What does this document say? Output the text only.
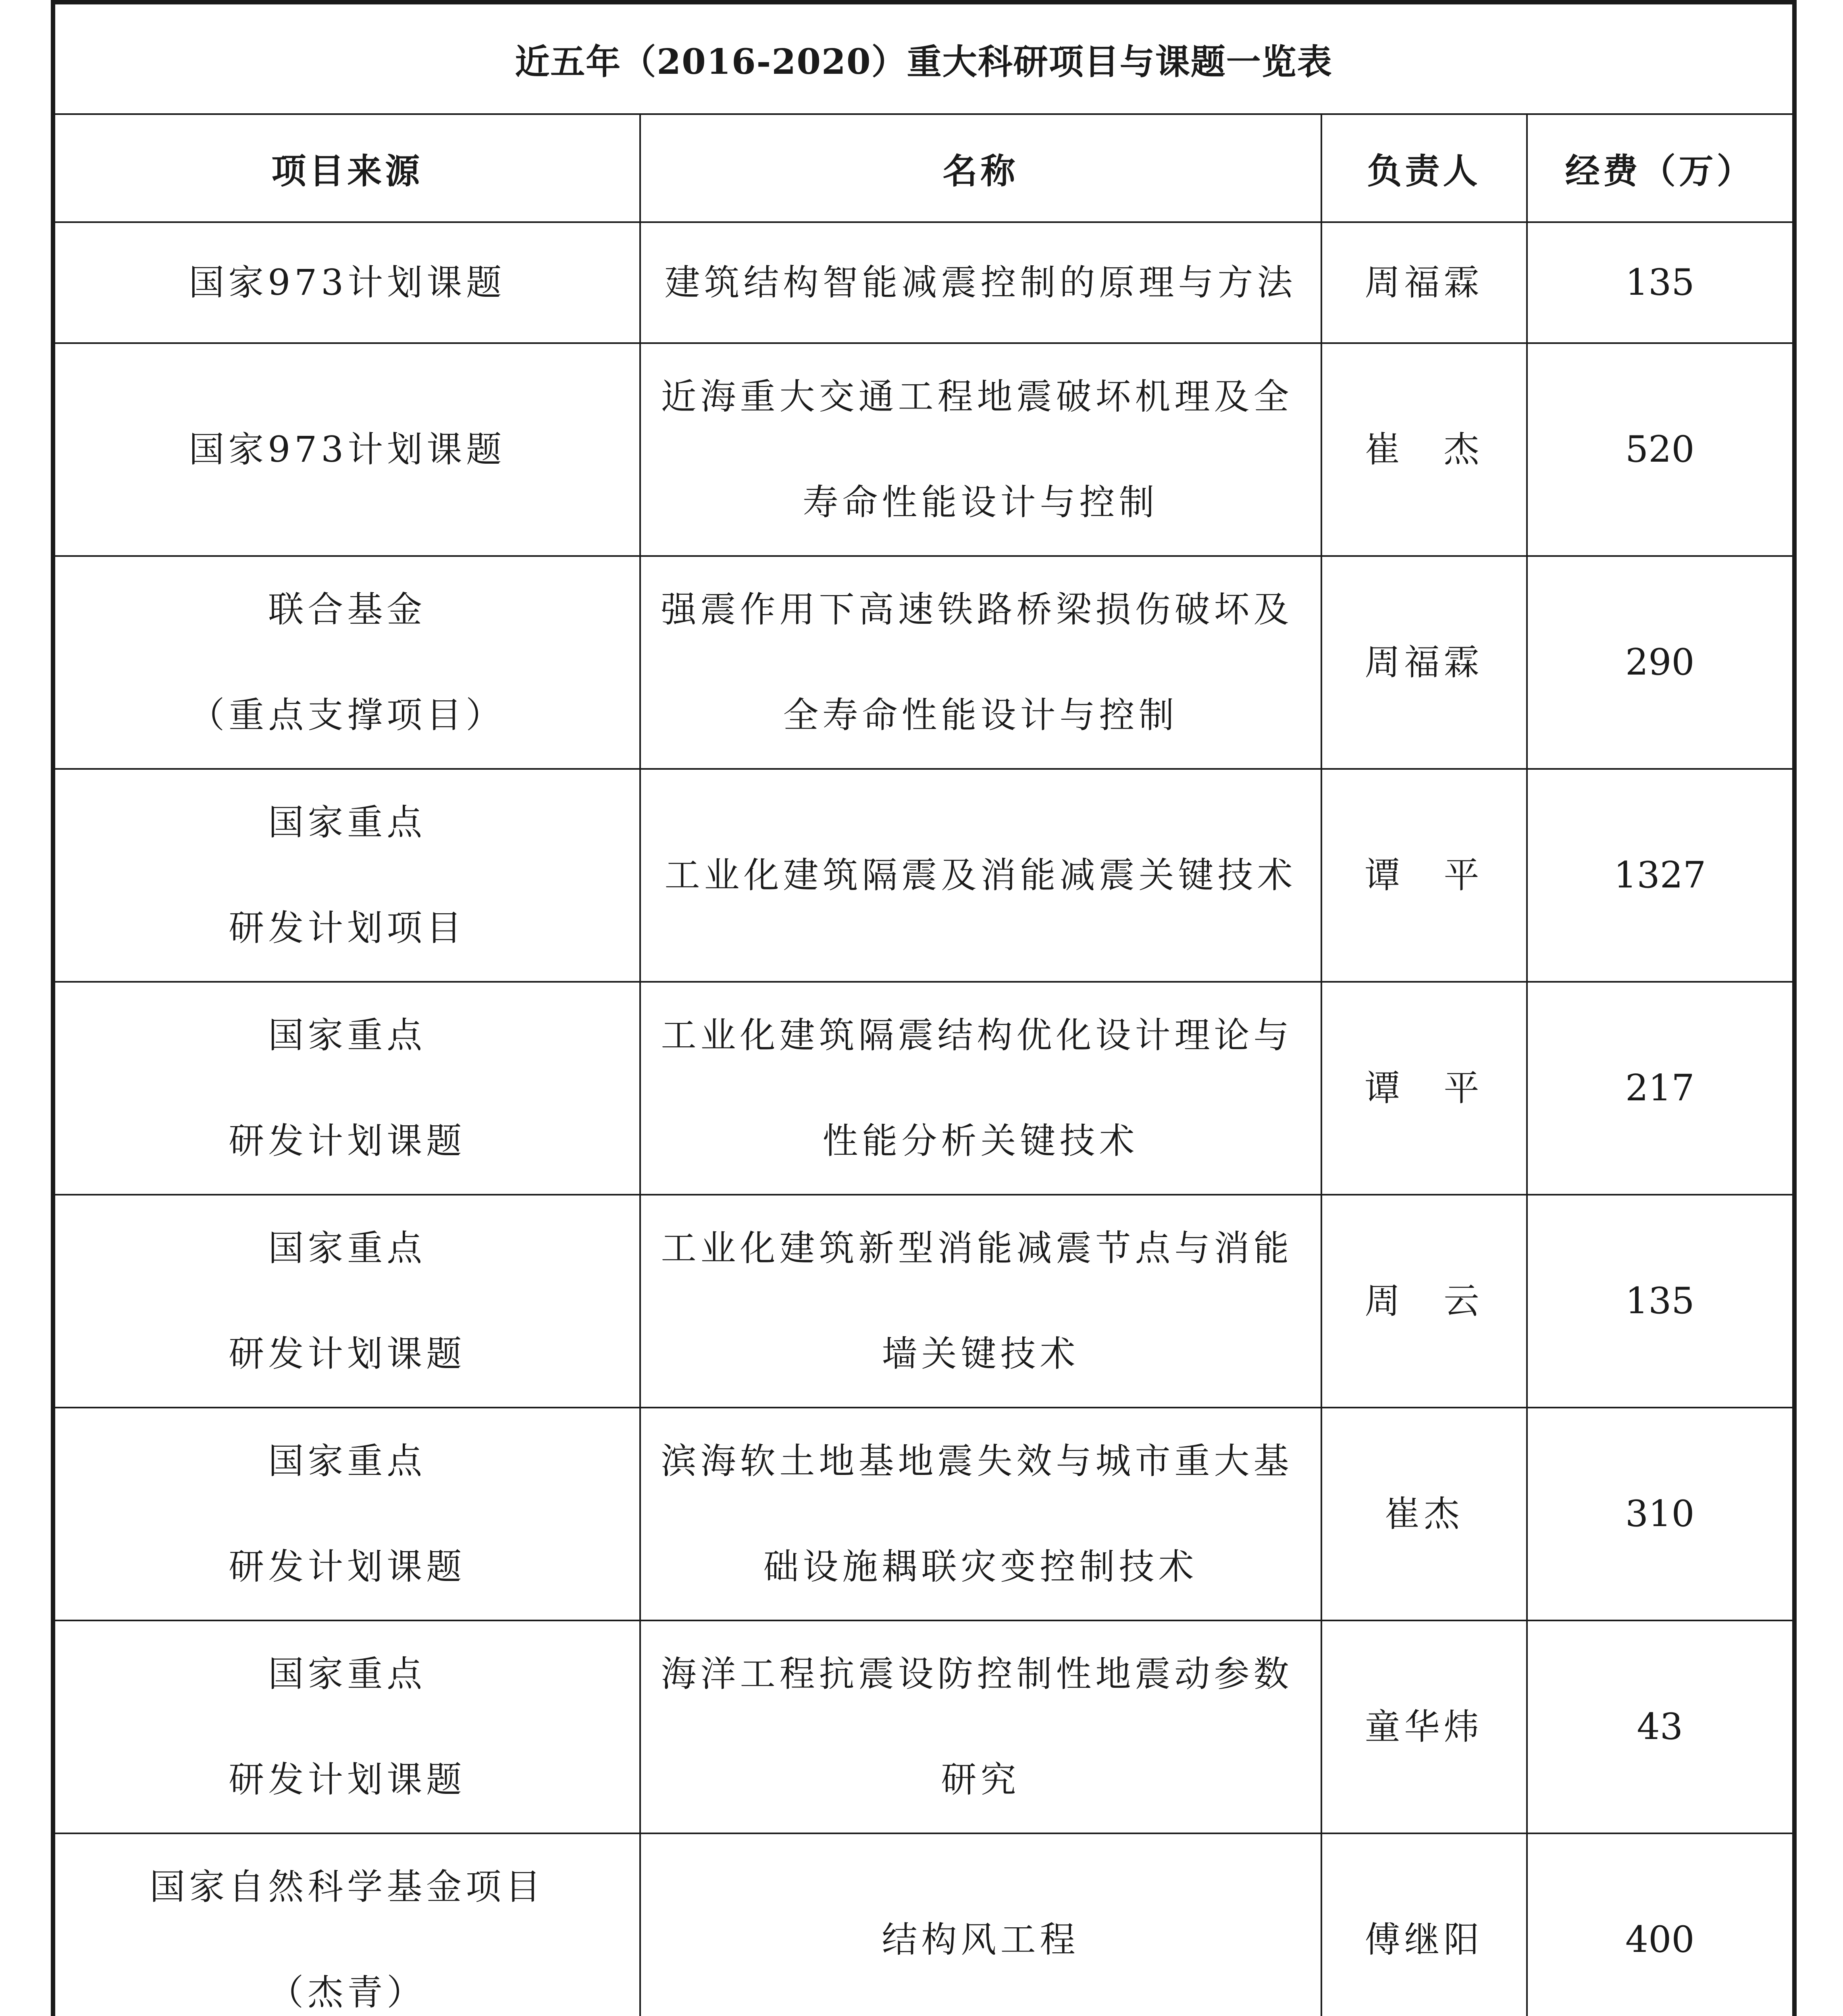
近五年（2016-2020）重大科研项目与课题一览表			
项目来源	名称	负责人	经费（万）

国家973计划课题	建筑结构智能减震控制的原理与方法	周福霖	135

国家973计划课题	近海重大交通工程地震破坏机理及全
寿命性能设计与控制	崔　杰	520

联合基金
（重点支撑项目）	强震作用下高速铁路桥梁损伤破坏及
全寿命性能设计与控制	周福霖	290

国家重点
研发计划项目	工业化建筑隔震及消能减震关键技术	谭　平	1327

国家重点
研发计划课题	工业化建筑隔震结构优化设计理论与
性能分析关键技术	谭　平	217

国家重点
研发计划课题	工业化建筑新型消能减震节点与消能
墙关键技术	周　云	135

国家重点
研发计划课题	滨海软土地基地震失效与城市重大基
础设施耦联灾变控制技术	崔杰	310

国家重点
研发计划课题	海洋工程抗震设防控制性地震动参数
研究	童华炜	43

国家自然科学基金项目
（杰青）	结构风工程	傅继阳	400
